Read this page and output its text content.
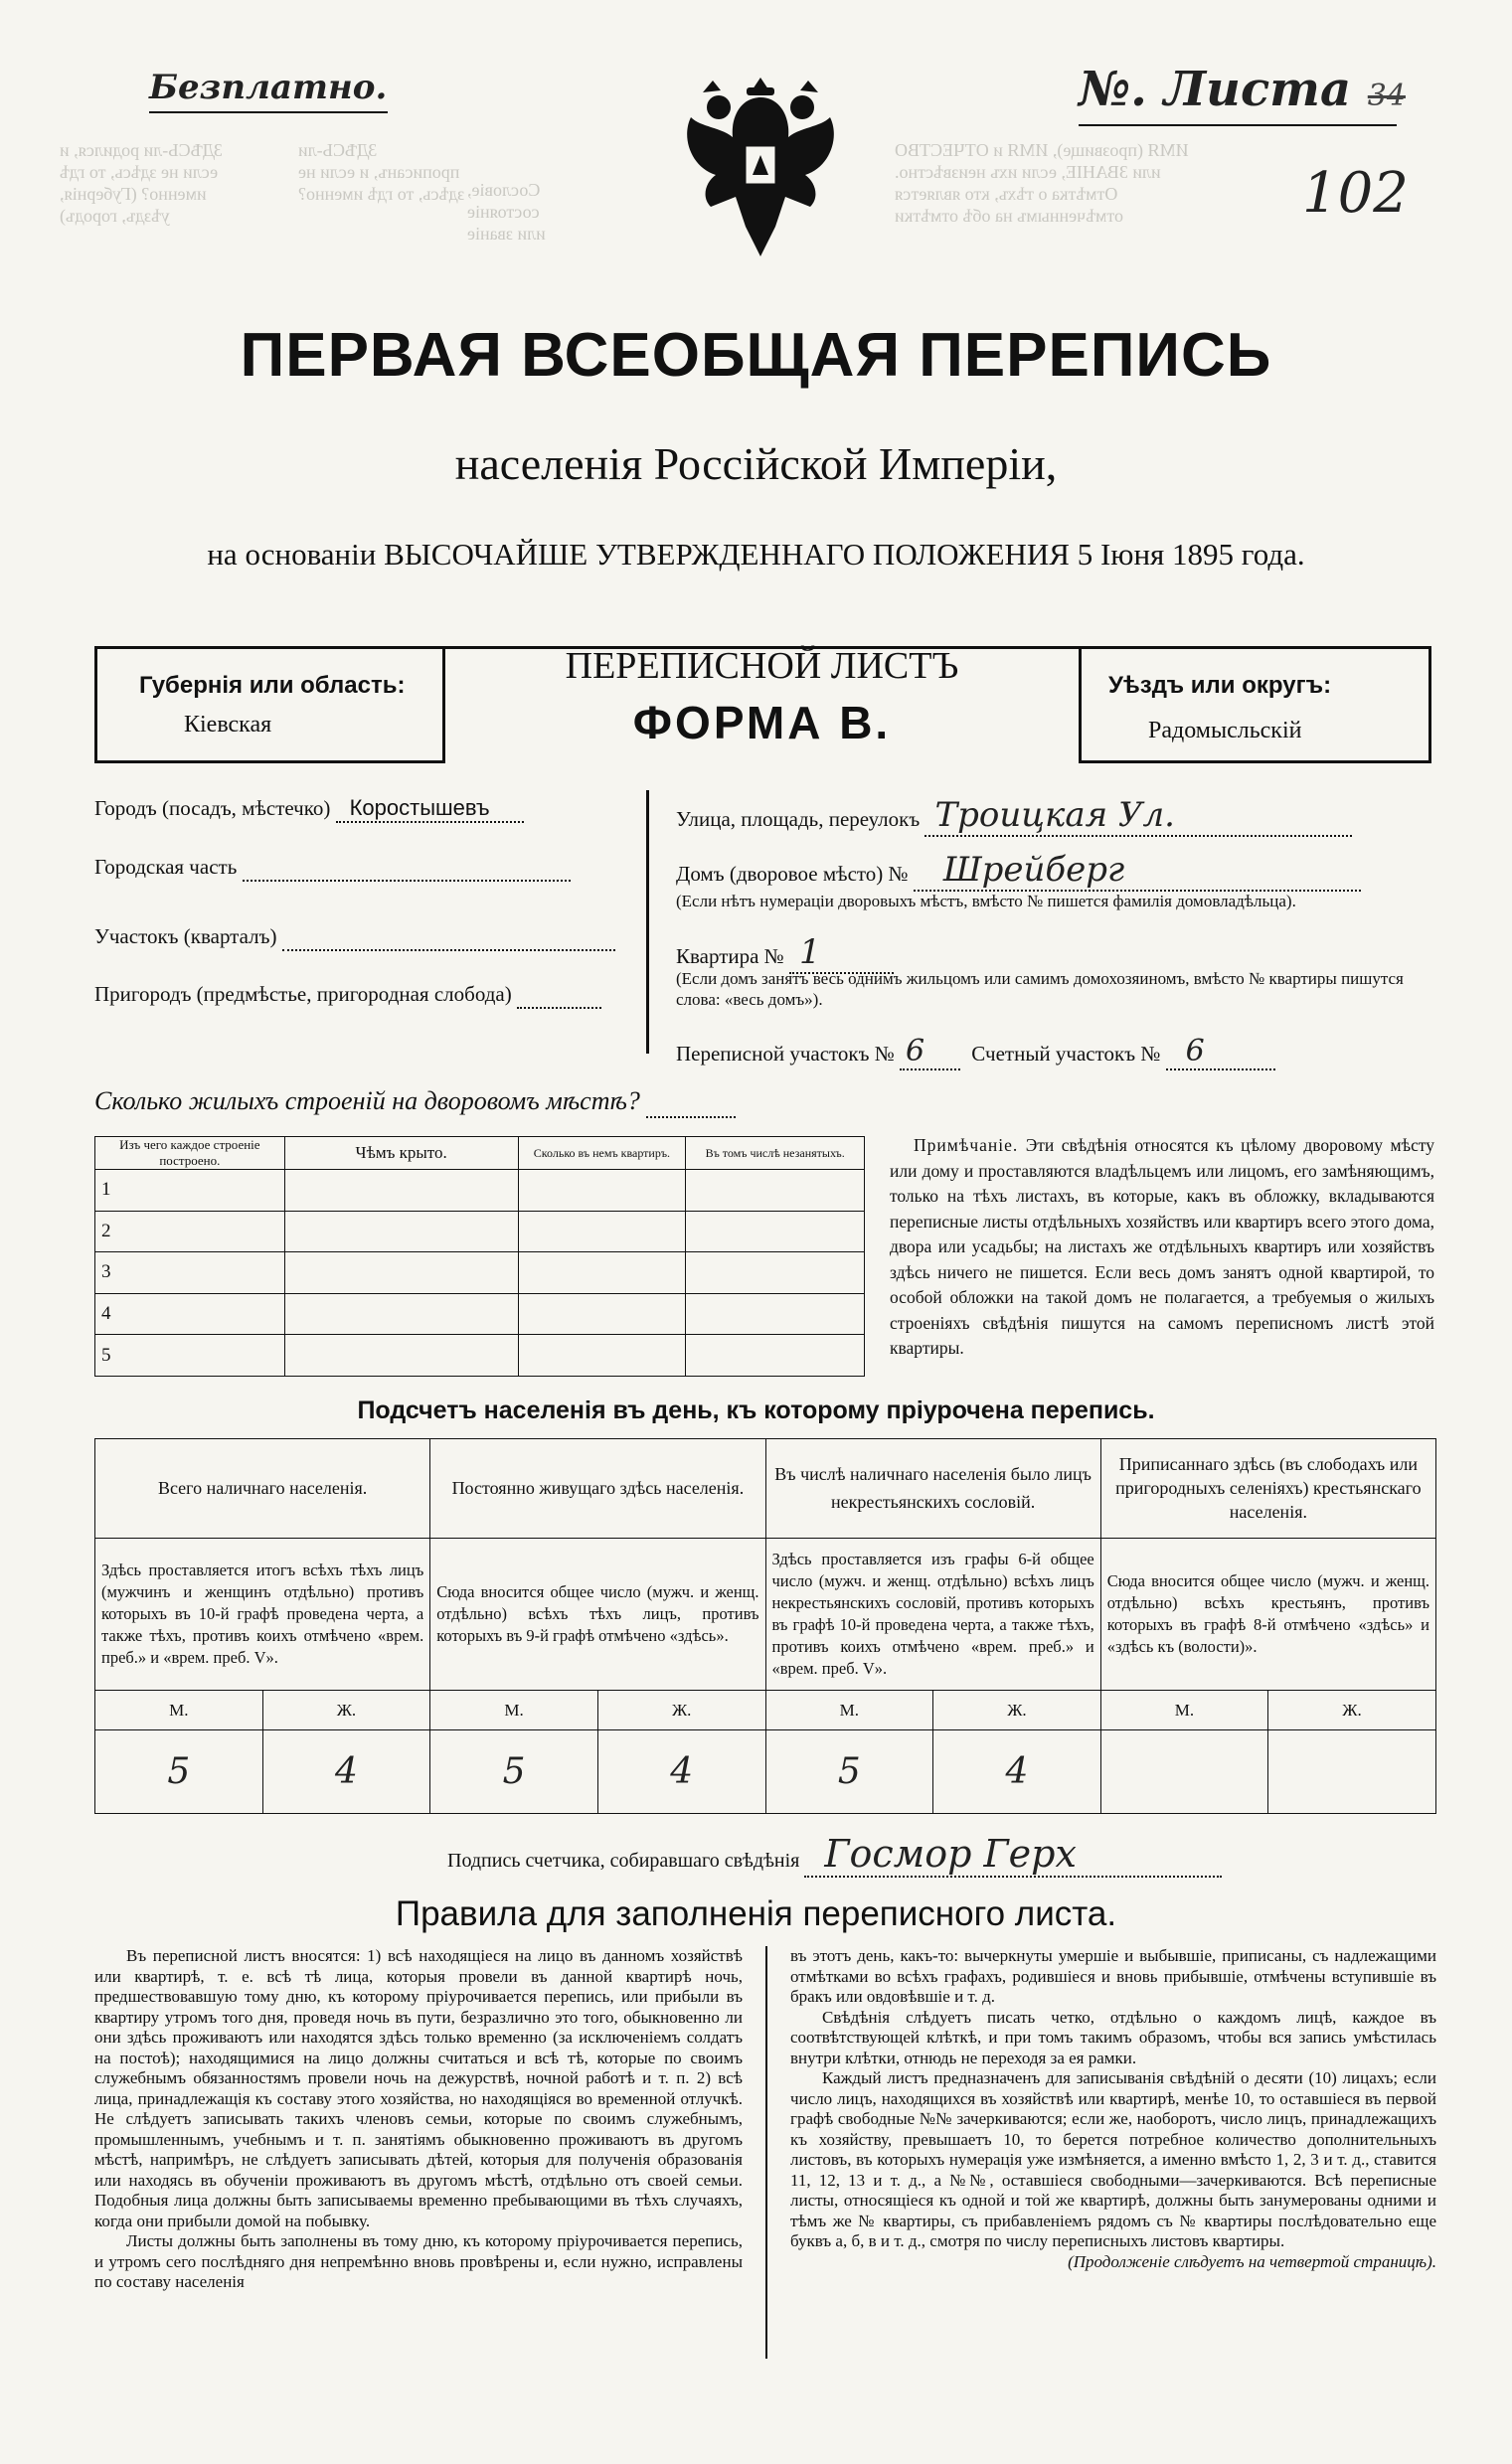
ЗДѢСЬ-ли родился, и если не здѣсь, то гдѣ именно? (Губернія, уѣздъ, городъ)
ЗДѢСЬ-ли прописанъ, и если не здѣсь, то гдѣ именно? Сословіе, состояніе или званіе
ИМЯ (прозвище), ИМЯ и ОТЧЕСТВО или ЗВАНІЕ, если ихъ неизвѣстно. Отмѣтка о тѣхъ, кто является отмѣченнымъ на обѣ отмѣтки
Безплатно.	№. Листа 34
102
ПЕРВАЯ ВСЕОБЩАЯ ПЕРЕПИСЬ
населенія Россійской Имперіи,
на основаніи ВЫСОЧАЙШЕ УТВЕРЖДЕННАГО ПОЛОЖЕНИЯ 5 Іюня 1895 года.
Губернія или область:
Кіевская
ПЕРЕПИСНОЙ ЛИСТЪ
ФОРМА В.
Уѣздъ или округъ:
Радомысльскій
Городъ (посадъ, мѣстечко) Коростышевъ
Городская часть
Участокъ (кварталъ)
Пригородъ (предмѣстье, пригородная слобода)
Улица, площадь, переулокъ Троицкая Ул.
Домъ (дворовое мѣсто) № Шрейберг
(Если нѣтъ нумераціи дворовыхъ мѣстъ, вмѣсто № пишется фамилія домовладѣльца).
Квартира № 1
(Если домъ занятъ весь однимъ жильцомъ или самимъ домохозяиномъ, вмѣсто № квартиры пишутся слова: «весь домъ»).
Переписной участокъ № 6 Счетный участокъ № 6
Сколько жилыхъ строеній на дворовомъ мѣстѣ?
Изъ чего каждое строеніе построено.	Чѣмъ крыто.	Сколько въ немъ квартиръ.	Въ томъ числѣ незанятыхъ.
1			
2			
3			
4			
5			
Примѣчаніе. Эти свѣдѣнія относятся къ цѣлому дворовому мѣсту или дому и проставляются владѣльцемъ или лицомъ, его замѣняющимъ, только на тѣхъ листахъ, въ которые, какъ въ обложку, вкладываются переписные листы отдѣльныхъ хозяйствъ или квартиръ всего этого дома, двора или усадьбы; на листахъ же отдѣльныхъ квартиръ или хозяйствъ здѣсь ничего не пишется. Если весь домъ занятъ одной квартирой, то особой обложки на такой домъ не полагается, а требуемыя о жилыхъ строеніяхъ свѣдѣнія пишутся на самомъ переписномъ листѣ этой квартиры.
Подсчетъ населенія въ день, къ которому пріурочена перепись.
Всего наличнаго населенія.		Постоянно живущаго здѣсь населенія.		Въ числѣ наличнаго населенія было лицъ некрестьянскихъ сословій.		Приписаннаго здѣсь (въ слободахъ или пригородныхъ селеніяхъ) крестьянскаго населенія.	
Здѣсь проставляется итогъ всѣхъ тѣхъ лицъ (мужчинъ и женщинъ отдѣльно) противъ которыхъ въ 10-й графѣ проведена черта, а также тѣхъ, противъ коихъ отмѣчено «врем. преб.» и «врем. преб. V».		Сюда вносится общее число (мужч. и женщ. отдѣльно) всѣхъ тѣхъ лицъ, противъ которыхъ въ 9-й графѣ отмѣчено «здѣсь».		Здѣсь проставляется изъ графы 6-й общее число (мужч. и женщ. отдѣльно) всѣхъ лицъ некрестьянскихъ сословій, противъ которыхъ въ графѣ 10-й проведена черта, а также тѣхъ, противъ коихъ отмѣчено «врем. преб.» и «врем. преб. V».		Сюда вносится общее число (мужч. и женщ. отдѣльно) всѣхъ крестьянъ, противъ которыхъ въ графѣ 8-й отмѣчено «здѣсь» и «здѣсь къ (волости)».	
М.	Ж.	М.	Ж.	М.	Ж.	М.	Ж.
5	4	5	4	5	4		
Подпись счетчика, собиравшаго свѣдѣнія Госмор Герх
Правила для заполненія переписного листа.

Въ переписной листъ вносятся: 1) всѣ находящіеся на лицо въ данномъ хозяйствѣ или квартирѣ, т. е. всѣ тѣ лица, которыя провели въ данной квартирѣ ночь, предшествовавшую тому дню, къ которому пріурочивается перепись, или прибыли въ квартиру утромъ того дня, проведя ночь въ пути, безразлично это того, обыкновенно ли они здѣсь проживаютъ или находятся здѣсь только временно (за исключеніемъ солдатъ на постоѣ); находящимися на лицо должны считаться и всѣ тѣ, которые по своимъ служебнымъ обязанностямъ провели ночь на дежурствѣ, ночной работѣ и т. п. 2) всѣ лица, принадлежащія къ составу этого хозяйства, но находящіяся во временной отлучкѣ. Не слѣдуетъ записывать такихъ членовъ семьи, которые по своимъ служебнымъ, промышленнымъ, учебнымъ и т. п. занятіямъ обыкновенно проживаютъ въ другомъ мѣстѣ, напримѣръ, не слѣдуетъ записывать дѣтей, которыя для полученія образованія или находясь въ обученіи проживаютъ въ другомъ мѣстѣ, отдѣльно отъ своей семьи. Подобныя лица должны быть записываемы временно пребывающими въ тѣхъ случаяхъ, когда они прибыли домой на побывку.

Листы должны быть заполнены въ тому дню, къ которому пріурочивается перепись, и утромъ сего послѣдняго дня непремѣнно вновь провѣрены и, если нужно, исправлены по составу населенія

въ этотъ день, какъ-то: вычеркнуты умершіе и выбывшіе, приписаны, съ надлежащими отмѣтками во всѣхъ графахъ, родившіеся и вновь прибывшіе, отмѣчены вступившіе въ бракъ или овдовѣвшіе и т. д.

Свѣдѣнія слѣдуетъ писать четко, отдѣльно о каждомъ лицѣ, каждое въ соотвѣтствующей клѣткѣ, и при томъ такимъ образомъ, чтобы вся запись умѣстилась внутри клѣтки, отнюдь не переходя за ея рамки.

Каждый листъ предназначенъ для записыванія свѣдѣній о десяти (10) лицахъ; если число лицъ, находящихся въ хозяйствѣ или квартирѣ, менѣе 10, то оставшіеся въ первой графѣ свободные №№ зачеркиваются; если же, наоборотъ, число лицъ, принадлежащихъ къ хозяйству, превышаетъ 10, то берется потребное количество дополнительныхъ листовъ, въ которыхъ нумерація уже измѣняется, а именно вмѣсто 1, 2, 3 и т. д., ставится 11, 12, 13 и т. д., а №№, оставшіеся свободными—зачеркиваются. Всѣ переписные листы, относящіеся къ одной и той же квартирѣ, должны быть занумерованы одними и тѣмъ же № квартиры, съ прибавленіемъ рядомъ съ № квартиры послѣдовательно еще буквъ а, б, в и т. д., смотря по числу переписныхъ листовъ квартиры.

(Продолженіе слѣдуетъ на четвертой страницѣ).
